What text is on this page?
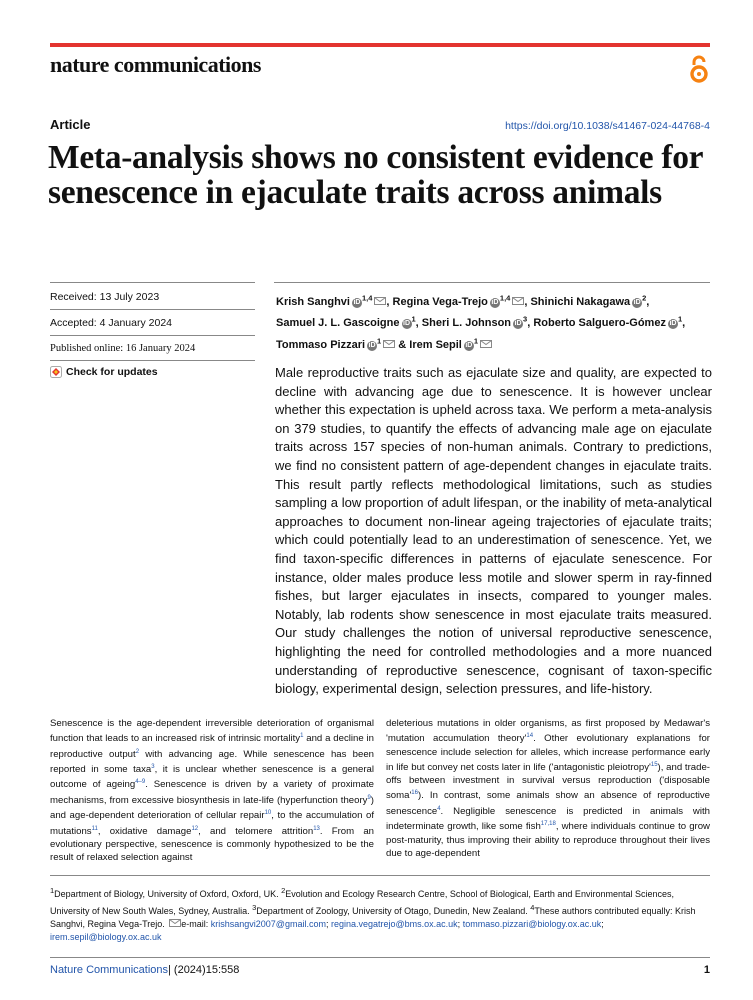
nature communications
Article	https://doi.org/10.1038/s41467-024-44768-4
Meta-analysis shows no consistent evidence for senescence in ejaculate traits across animals
Received: 13 July 2023
Accepted: 4 January 2024
Published online: 16 January 2024
Check for updates
Krish Sanghvi iD$^{1,4}$ , Regina Vega-Trejo iD$^{1,4}$ , Shinichi Nakagawa $iD^2$, Samuel J. L. Gascoigne $iD^1$, Sheri L. Johnson $iD^3$, Roberto Salguero-Gómez $iD^1$, Tommaso Pizzari $iD^1$ & Irem Sepil $iD^1$

Male reproductive traits such as ejaculate size and quality, are expected to decline with advancing age due to senescence. It is however unclear whether this expectation is upheld across taxa. We perform a meta-analysis on 379 studies, to quantify the effects of advancing male age on ejaculate traits across 157 species of non-human animals. Contrary to predictions, we find no consistent pattern of age-dependent changes in ejaculate traits. This result partly reflects methodological limitations, such as studies sampling a low proportion of adult lifespan, or the inability of meta-analytical approaches to document non-linear ageing trajectories of ejaculate traits; which could potentially lead to an underestimation of senescence. Yet, we find taxon-specific differences in patterns of ejaculate senescence. For instance, older males produce less motile and slower sperm in ray-finned fishes, but larger ejaculates in insects, compared to younger males. Notably, lab rodents show senescence in most ejaculate traits measured. Our study challenges the notion of universal reproductive senescence, highlighting the need for controlled methodologies and a more nuanced understanding of reproductive senescence, cognisant of taxon-specific biology, experimental design, selection pressures, and life-history.

Senescence is the age-dependent irreversible deterioration of organismal function that leads to an increased risk of intrinsic mortality$^1$ and a decline in reproductive output$^2$ with advancing age. While senescence has been reported in some taxa$^3$, it is unclear whether senescence is a general outcome of ageing$^{4-9}$. Senescence is driven by a variety of proximate mechanisms, from excessive biosynthesis in late-life (hyperfunction theory$^9$) and age-dependent deterioration of cellular repair$^{10}$, to the accumulation of mutations$^{11}$, oxidative damage$^{12}$, and telomere attrition$^{13}$. From an evolutionary perspective, senescence is commonly hypothesized to be the result of relaxed selection against

deleterious mutations in older organisms, as first proposed by Medawar's 'mutation accumulation $theory'^{14}$. Other evolutionary explanations for senescence include selection for alleles, which increase performance early in life but convey net costs later in life ('antagonistic $pleiotropy'^{15}$), and trade-offs between investment in survival versus reproduction ('disposable $soma'^{16}$). In contrast, some animals show an absence of reproductive senescence$^4$. Negligible senescence is predicted in animals with indeterminate growth, like some fish$^{17,18}$, where individuals continue to grow post-maturity, thus improving their ability to reproduce throughout their lives due to age-dependent

$^1$Department of Biology, University of Oxford, Oxford, UK. $^2$Evolution and Ecology Research Centre, School of Biological, Earth and Environmental Sciences, University of New South Wales, Sydney, Australia. $^3$Department of Zoology, University of Otago, Dunedin, New Zealand. $^4$These authors contributed equally: Krish Sanghvi, Regina Vega-Trejo. e-mail: krishsangvi2007@gmail.com; regina.vegatrejo@bms.ox.ac.uk; tommaso.pizzari@biology.ox.ac.uk; irem.sepil@biology.ox.ac.uk
Nature Communications| (2024)15:558	1
